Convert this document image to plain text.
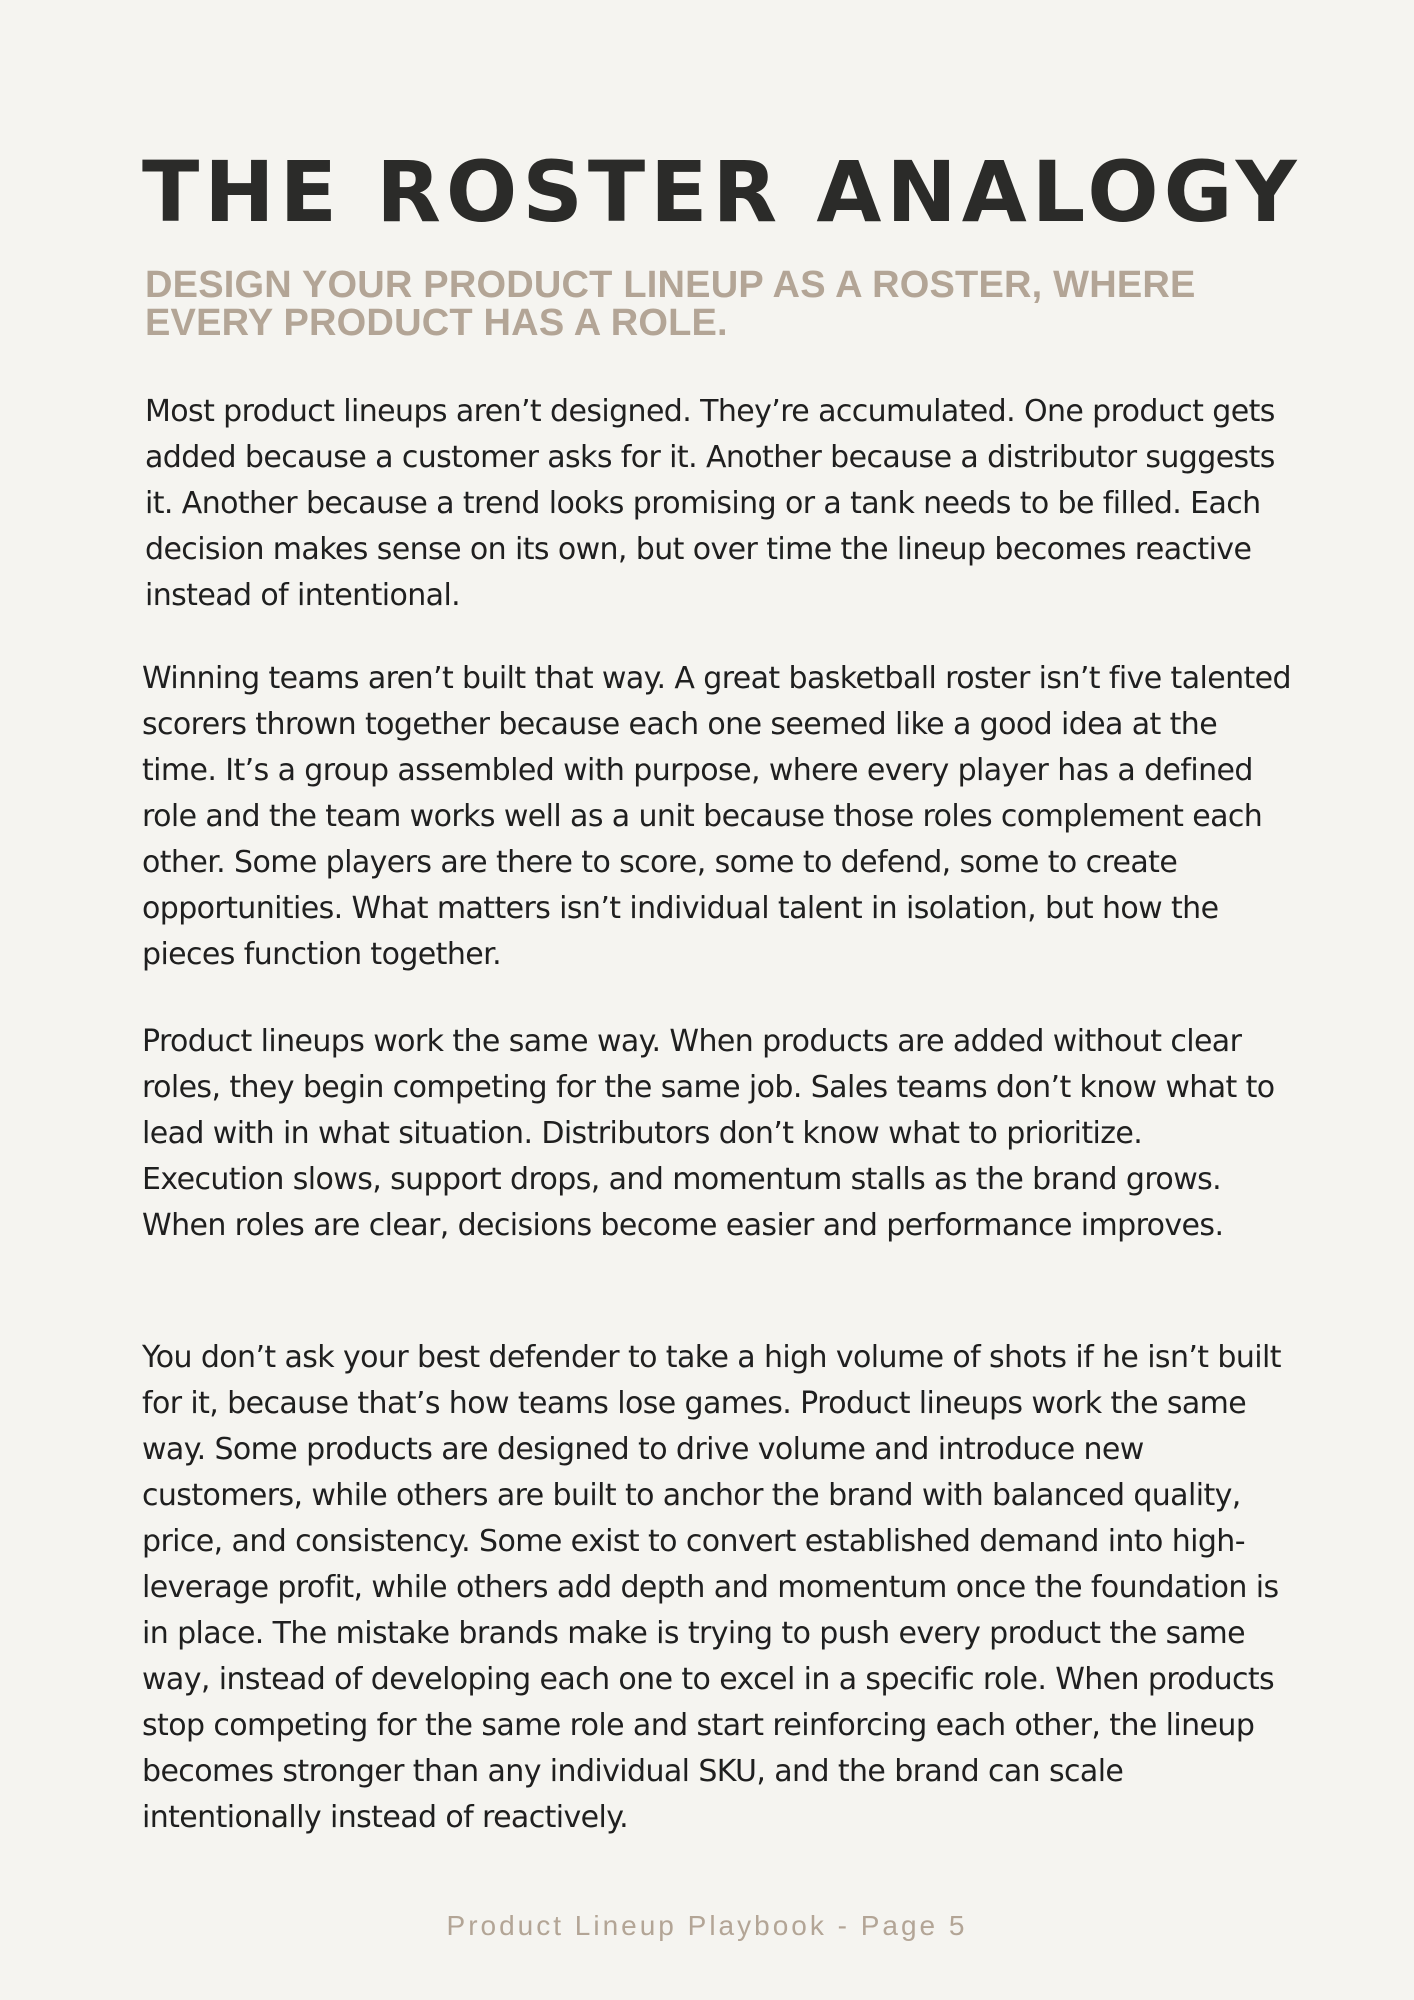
THE ROSTER ANALOGY
DESIGN YOUR PRODUCT LINEUP AS A ROSTER, WHERE EVERY PRODUCT HAS A ROLE.

Most product lineups aren’t designed. They’re accumulated. One product gets added because a customer asks for it. Another because a distributor suggests it. Another because a trend looks promising or a tank needs to be filled. Each decision makes sense on its own, but over time the lineup becomes reactive instead of intentional.

Winning teams aren’t built that way. A great basketball roster isn’t five talented scorers thrown together because each one seemed like a good idea at the time. It’s a group assembled with purpose, where every player has a defined role and the team works well as a unit because those roles complement each other. Some players are there to score, some to defend, some to create opportunities. What matters isn’t individual talent in isolation, but how the pieces function together.

Product lineups work the same way. When products are added without clear roles, they begin competing for the same job. Sales teams don’t know what to lead with in what situation. Distributors don’t know what to prioritize. Execution slows, support drops, and momentum stalls as the brand grows. When roles are clear, decisions become easier and performance improves.

You don’t ask your best defender to take a high volume of shots if he isn’t built for it, because that’s how teams lose games. Product lineups work the same way. Some products are designed to drive volume and introduce new customers, while others are built to anchor the brand with balanced quality, price, and consistency. Some exist to convert established demand into high-leverage profit, while others add depth and momentum once the foundation is in place. The mistake brands make is trying to push every product the same way, instead of developing each one to excel in a specific role. When products stop competing for the same role and start reinforcing each other, the lineup becomes stronger than any individual SKU, and the brand can scale intentionally instead of reactively.

Product Lineup Playbook - Page 5
